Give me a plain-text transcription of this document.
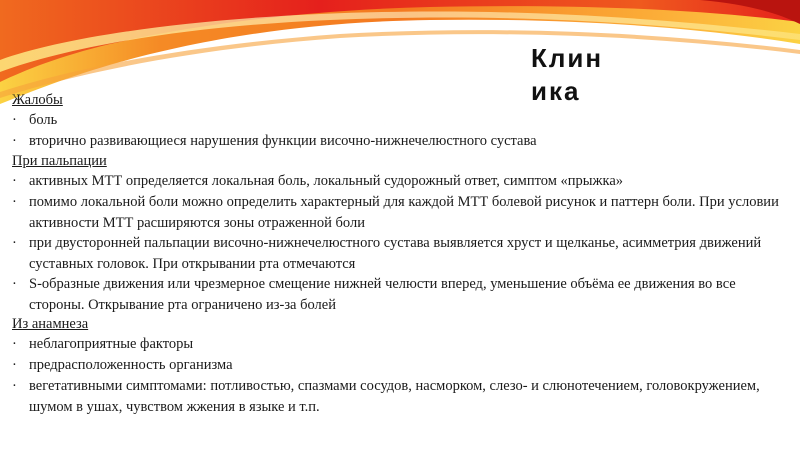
Клин
ика
Жалобы
· боль
· вторично развивающиеся нарушения функции височно-нижнечелюстного сустава
При пальпации
· активных МТТ определяется локальная боль, локальный судорожный ответ, симптом «прыжка»
· помимо локальной боли можно определить характерный для каждой МТТ болевой рисунок и паттерн боли. При условии активности МТТ расширяются зоны отраженной боли
· при двусторонней пальпации височно-нижнечелюстного сустава выявляется хруст и щелканье, асимметрия движений суставных головок. При открывании рта отмечаются
· S-образные движения или чрезмерное смещение нижней челюсти вперед, уменьшение объёма ее движения во все стороны. Открывание рта ограничено из-за болей
Из анамнеза
· неблагоприятные факторы
· предрасположенность организма
· вегетативными симптомами: потливостью, спазмами сосудов, насморком, слезо- и слюнотечением, головокружением, шумом в ушах, чувством жжения в языке и т.п.
